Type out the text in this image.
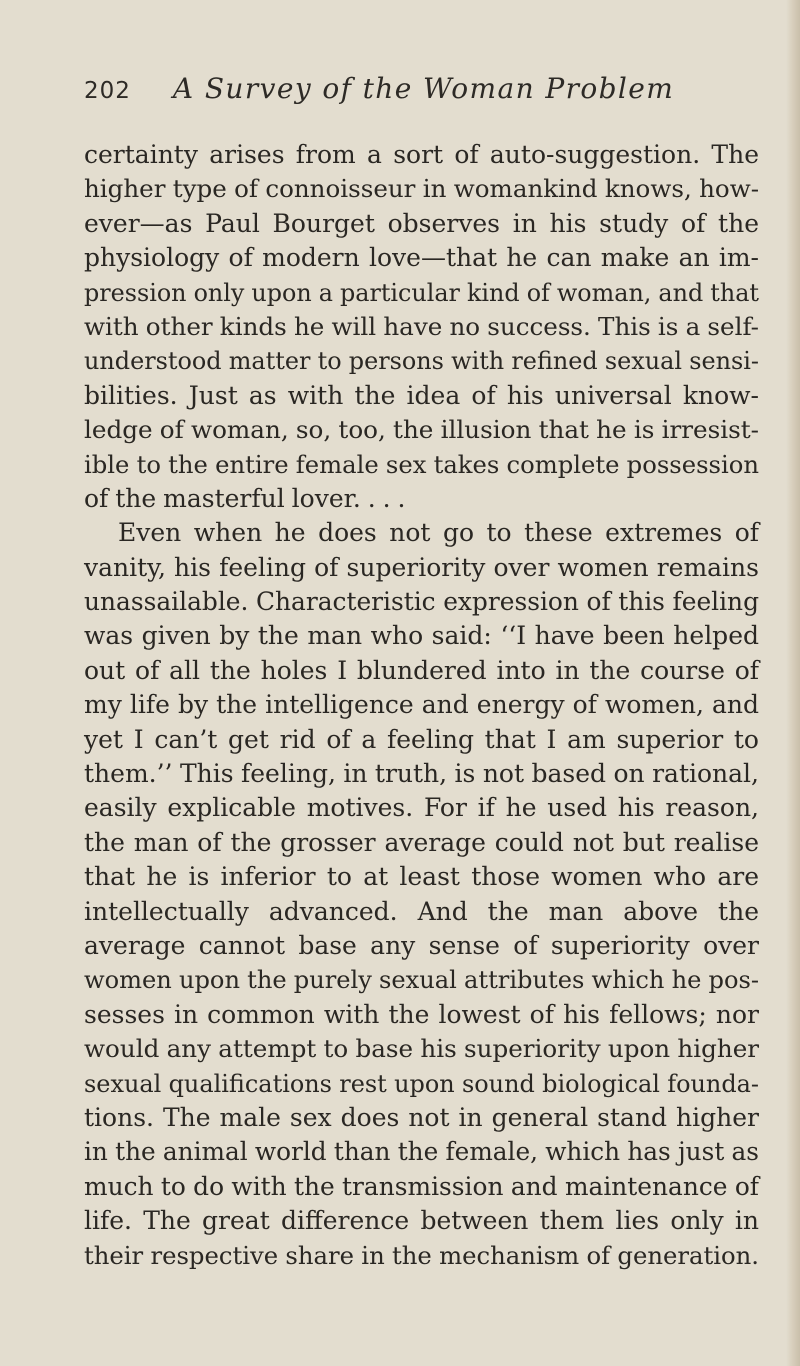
202 A Survey of the Woman Problem
certainty arises from a sort of auto-suggestion. The
higher type of connoisseur in womankind knows, how-
ever—as Paul Bourget observes in his study of the
physiology of modern love—that he can make an im-
pression only upon a particular kind of woman, and that
with other kinds he will have no success. This is a self-
understood matter to persons with refined sexual sensi-
bilities. Just as with the idea of his universal know-
ledge of woman, so, too, the illusion that he is irresist-
ible to the entire female sex takes complete possession
of the masterful lover. . . .
Even when he does not go to these extremes of
vanity, his feeling of superiority over women remains
unassailable. Characteristic expression of this feeling
was given by the man who said: ‘‘I have been helped
out of all the holes I blundered into in the course of
my life by the intelligence and energy of women, and
yet I can’t get rid of a feeling that I am superior to
them.’’ This feeling, in truth, is not based on rational,
easily explicable motives. For if he used his reason,
the man of the grosser average could not but realise
that he is inferior to at least those women who are
intellectually advanced. And the man above the
average cannot base any sense of superiority over
women upon the purely sexual attributes which he pos-
sesses in common with the lowest of his fellows; nor
would any attempt to base his superiority upon higher
sexual qualifications rest upon sound biological founda-
tions. The male sex does not in general stand higher
in the animal world than the female, which has just as
much to do with the transmission and maintenance of
life. The great difference between them lies only in
their respective share in the mechanism of generation.
